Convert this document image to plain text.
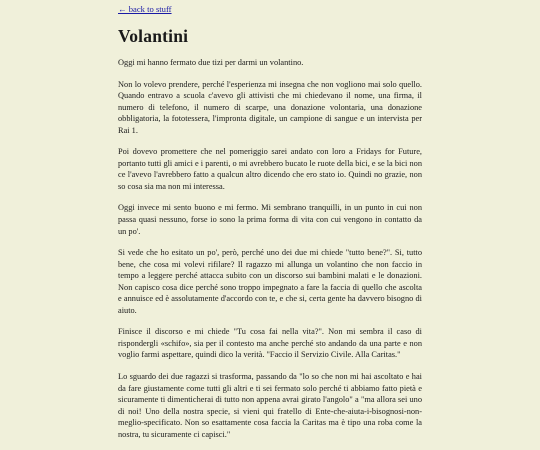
← back to stuff
Volantini

Oggi mi hanno fermato due tizi per darmi un volantino.

Non lo volevo prendere, perché l'esperienza mi insegna che non vogliono mai solo quello. Quando entravo a scuola c'avevo gli attivisti che mi chiedevano il nome, una firma, il numero di telefono, il numero di scarpe, una donazione volontaria, una donazione obbligatoria, la fototessera, l'impronta digitale, un campione di sangue e un intervista per Rai 1.

Poi dovevo promettere che nel pomeriggio sarei andato con loro a Fridays for Future, portanto tutti gli amici e i parenti, o mi avrebbero bucato le ruote della bici, e se la bici non ce l'avevo l'avrebbero fatto a qualcun altro dicendo che ero stato io. Quindi no grazie, non so cosa sia ma non mi interessa.

Oggi invece mi sento buono e mi fermo. Mi sembrano tranquilli, in un punto in cui non passa quasi nessuno, forse io sono la prima forma di vita con cui vengono in contatto da un po'.

Si vede che ho esitato un po', però, perché uno dei due mi chiede "tutto bene?". Si, tutto bene, che cosa mi volevi rifilare? Il ragazzo mi allunga un volantino che non faccio in tempo a leggere perché attacca subito con un discorso sui bambini malati e le donazioni. Non capisco cosa dice perché sono troppo impegnato a fare la faccia di quello che ascolta e annuisce ed è assolutamente d'accordo con te, e che si, certa gente ha davvero bisogno di aiuto.

Finisce il discorso e mi chiede "Tu cosa fai nella vita?". Non mi sembra il caso di rispondergli «schifo», sia per il contesto ma anche perché sto andando da una parte e non voglio farmi aspettare, quindi dico la verità. "Faccio il Servizio Civile. Alla Caritas."

Lo sguardo dei due ragazzi si trasforma, passando da "lo so che non mi hai ascoltato e hai da fare giustamente come tutti gli altri e ti sei fermato solo perché ti abbiamo fatto pietà e sicuramente ti dimenticherai di tutto non appena avrai girato l'angolo" a "ma allora sei uno di noi! Uno della nostra specie, si vieni qui fratello di Ente-che-aiuta-i-bisognosi-non-meglio-specificato. Non so esattamente cosa faccia la Caritas ma è tipo una roba come la nostra, tu sicuramente ci capisci."
